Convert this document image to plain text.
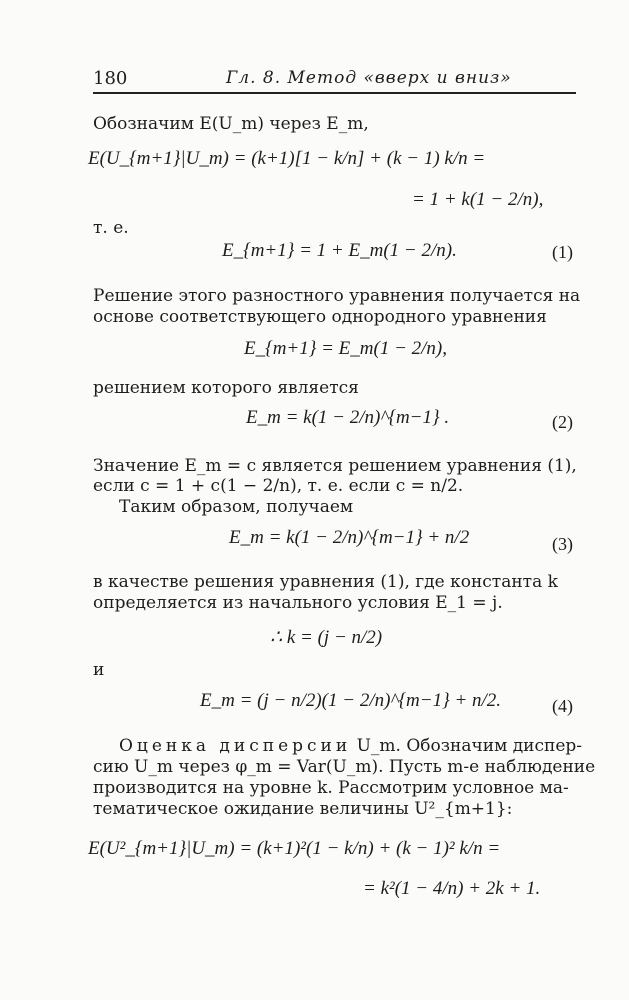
180	Гл. 8. Метод «вверх и вниз»
Обозначим E(U_m) через E_m,
E(U_{m+1}|U_m) = (k+1)[1 − k/n] + (k − 1) k/n =
= 1 + k(1 − 2/n),
т. е.
E_{m+1} = 1 + E_m(1 − 2/n).	(1)
Решение этого разностного уравнения получается на
основе соответствующего однородного уравнения
E_{m+1} = E_m(1 − 2/n),
решением которого является
E_m = k(1 − 2/n)^{m−1} .	(2)
Значение E_m = c является решением уравнения (1),
если c = 1 + c(1 − 2/n), т. е. если c = n/2.
Таким образом, получаем
E_m = k(1 − 2/n)^{m−1} + n/2	(3)
в качестве решения уравнения (1), где константа k
определяется из начального условия E_1 = j.
∴ k = (j − n/2)
и
E_m = (j − n/2)(1 − 2/n)^{m−1} + n/2.	(4)
Оценка дисперсии U_m. Обозначим диспер-
сию U_m через φ_m = Var(U_m). Пусть m-е наблюдение
производится на уровне k. Рассмотрим условное ма-
тематическое ожидание величины U²_{m+1}:
E(U²_{m+1}|U_m) = (k+1)²(1 − k/n) + (k − 1)² k/n =
= k²(1 − 4/n) + 2k + 1.
